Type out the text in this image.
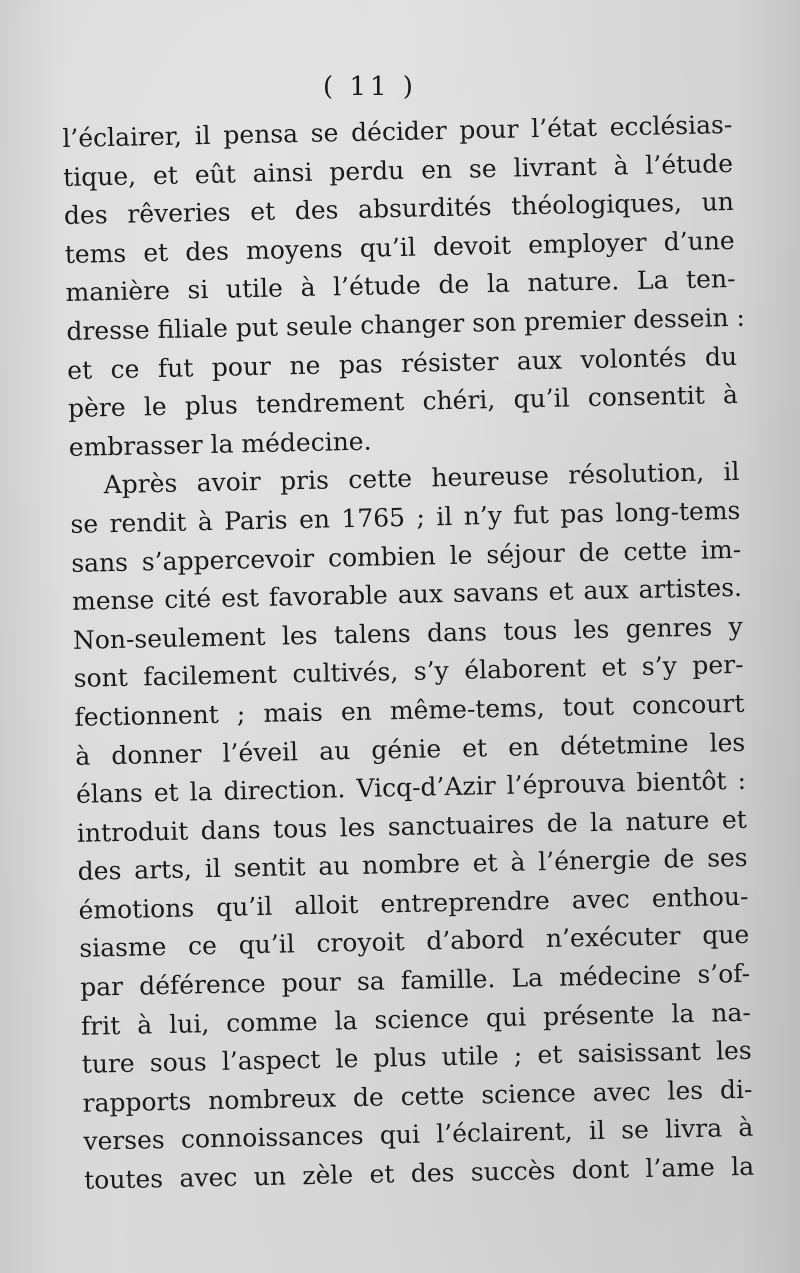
( 11 )
l’éclairer, il pensa se décider pour l’état ecclésias-
tique, et eût ainsi perdu en se livrant à l’étude
des rêveries et des absurdités théologiques, un
tems et des moyens qu’il devoit employer d’une
manière si utile à l’étude de la nature. La ten-
dresse filiale put seule changer son premier dessein :
et ce fut pour ne pas résister aux volontés du
père le plus tendrement chéri, qu’il consentit à
embrasser la médecine.
Après avoir pris cette heureuse résolution, il
se rendit à Paris en 1765 ; il n’y fut pas long-tems
sans s’appercevoir combien le séjour de cette im-
mense cité est favorable aux savans et aux artistes.
Non-seulement les talens dans tous les genres y
sont facilement cultivés, s’y élaborent et s’y per-
fectionnent ; mais en même-tems, tout concourt
à donner l’éveil au génie et en détetmine les
élans et la direction. Vicq-d’Azir l’éprouva bientôt :
introduit dans tous les sanctuaires de la nature et
des arts, il sentit au nombre et à l’énergie de ses
émotions qu’il alloit entreprendre avec enthou-
siasme ce qu’il croyoit d’abord n’exécuter que
par déférence pour sa famille. La médecine s’of-
frit à lui, comme la science qui présente la na-
ture sous l’aspect le plus utile ; et saisissant les
rapports nombreux de cette science avec les di-
verses connoissances qui l’éclairent, il se livra à
toutes avec un zèle et des succès dont l’ame la
